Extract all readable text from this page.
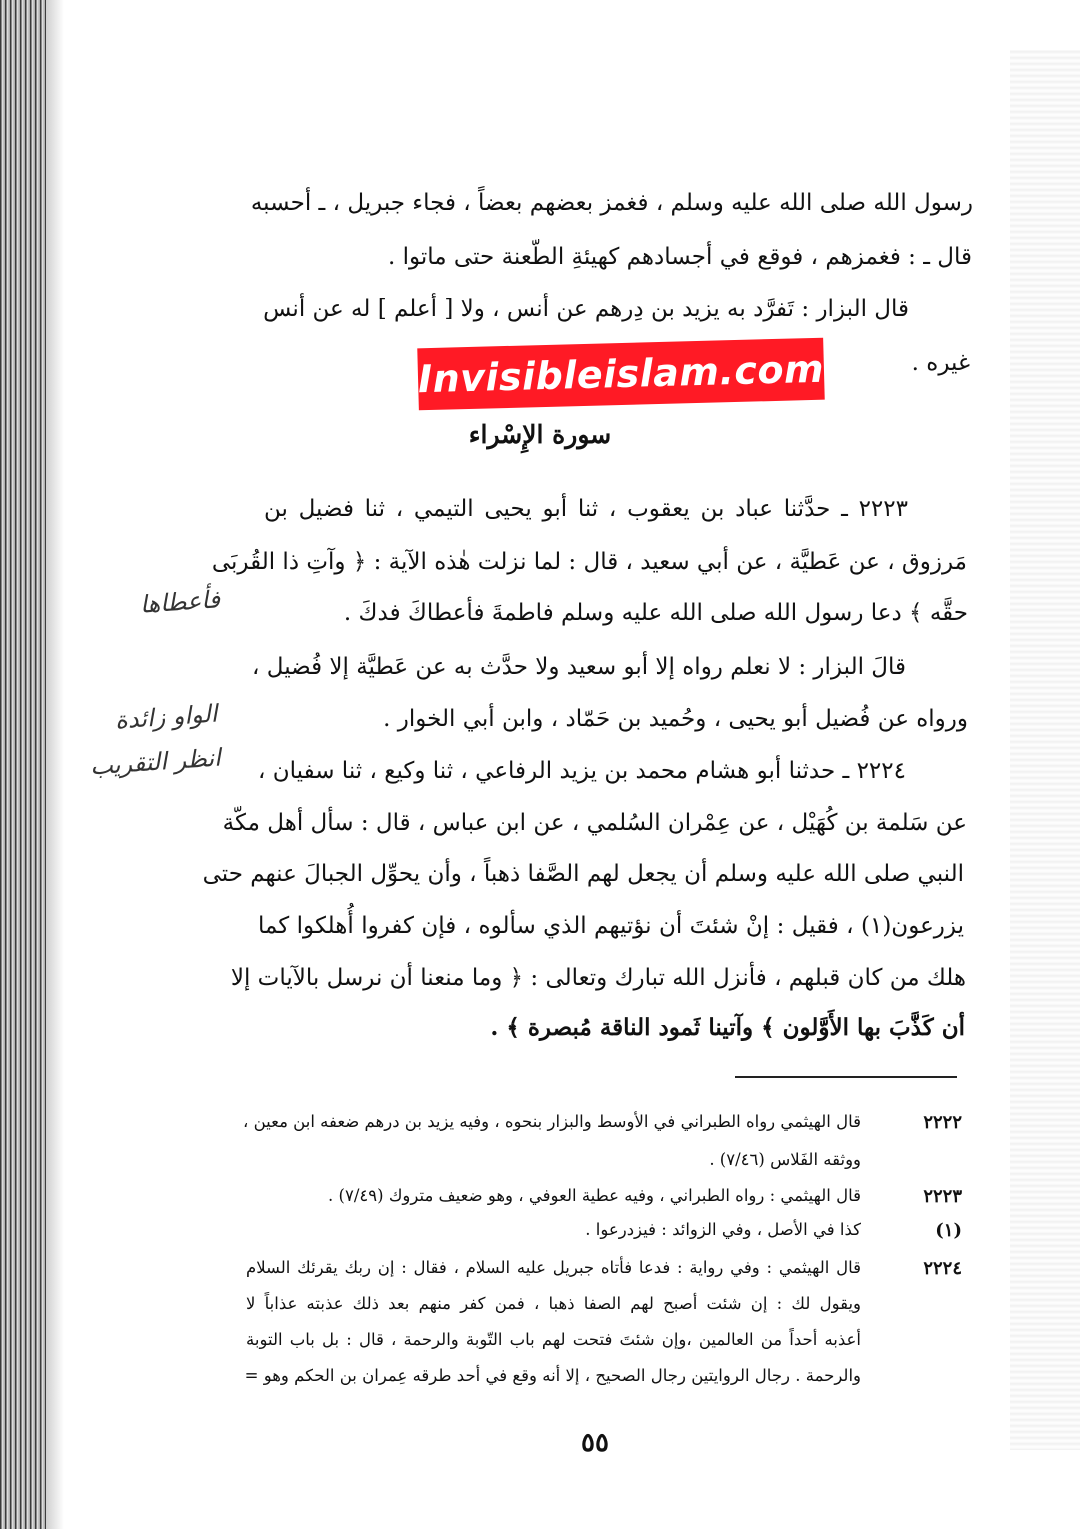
رسول الله صلى الله عليه وسلم ، فغمز بعضهم بعضاً ، فجاء جبريل ، ـ أحسبه
قال ـ : فغمزهم ، فوقع في أجسادهم كهيئةِ الطّعنة حتى ماتوا .
قال البزار : تَفرَّد به يزيد بن دِرهم عن أنس ، ولا [ أعلم ] له عن أنس
غيره .
Invisibleislam.com
سورة الإِسْراء
٢٢٢٣ ـ حدَّثنا عباد بن يعقوب ، ثنا أبو يحيى التيمي ، ثنا فضيل بن
مَرزوق ، عن عَطيَّة ، عن أبي سعيد ، قال : لما نزلت هٰذه الآية : ﴿ وآتِ ذا القُربَى
حقَّه ﴾ دعا رسول الله صلى الله عليه وسلم فاطمةَ فأعطاكَ فدكَ .
قالَ البزار : لا نعلم رواه إلا أبو سعيد ولا حدَّث به عن عَطيَّة إلا فُضيل ،
ورواه عن فُضيل أبو يحيى ، وحُميد بن حَمّاد ، وابن أبي الخوار .
٢٢٢٤ ـ حدثنا أبو هشام محمد بن يزيد الرفاعي ، ثنا وكيع ، ثنا سفيان ،
عن سَلمة بن كُهَيْل ، عن عِمْران السُلمي ، عن ابن عباس ، قال : سأل أهل مكّة
النبي صلى الله عليه وسلم أن يجعل لهم الصَّفا ذهباً ، وأن يحوِّل الجبالَ عنهم حتى
يزرعون(١) ، فقيل : إنْ شئتَ أن نؤتيهم الذي سألوه ، فإن كفروا أُهلكوا كما
هلك من كان قبلهم ، فأنزل الله تبارك وتعالى : ﴿ وما منعنا أن نرسل بالآيات إلا
أن كَذَّبَ بها الأَوَّلون ﴾ وآتينا ثَمود الناقة مُبصرة ﴾ .
فأعطاها
الواو زائدة
انظر التقريب
٢٢٢٢
قال الهيثمي رواه الطبراني في الأوسط والبزار بنحوه ، وفيه يزيد بن درهم ضعفه ابن معين ،
ووثقه الفَلاس (٧/٤٦) .
٢٢٢٣
قال الهيثمي : رواه الطبراني ، وفيه عطية العوفي ، وهو ضعيف متروك (٧/٤٩) .
(١)
كذا في الأصل ، وفي الزوائد : فيزدرعوا .
٢٢٢٤
قال الهيثمي : وفي رواية : فدعا فأتاه جبريل عليه السلام ، فقال : إن ربك يقرئك السلام
ويقول لك : إن شئت أصبح لهم الصفا ذهبا ، فمن كفر منهم بعد ذلك عذبته عذاباً لا
أعذبه أحداً من العالمين ،وإن شئتَ فتحت لهم باب التّوبة والرحمة ، قال : بل باب التوبة
والرحمة . رجال الروايتين رجال الصحيح ، إلا أنه وقع في أحد طرقه عِمران بن الحكم وهو =
٥٥
